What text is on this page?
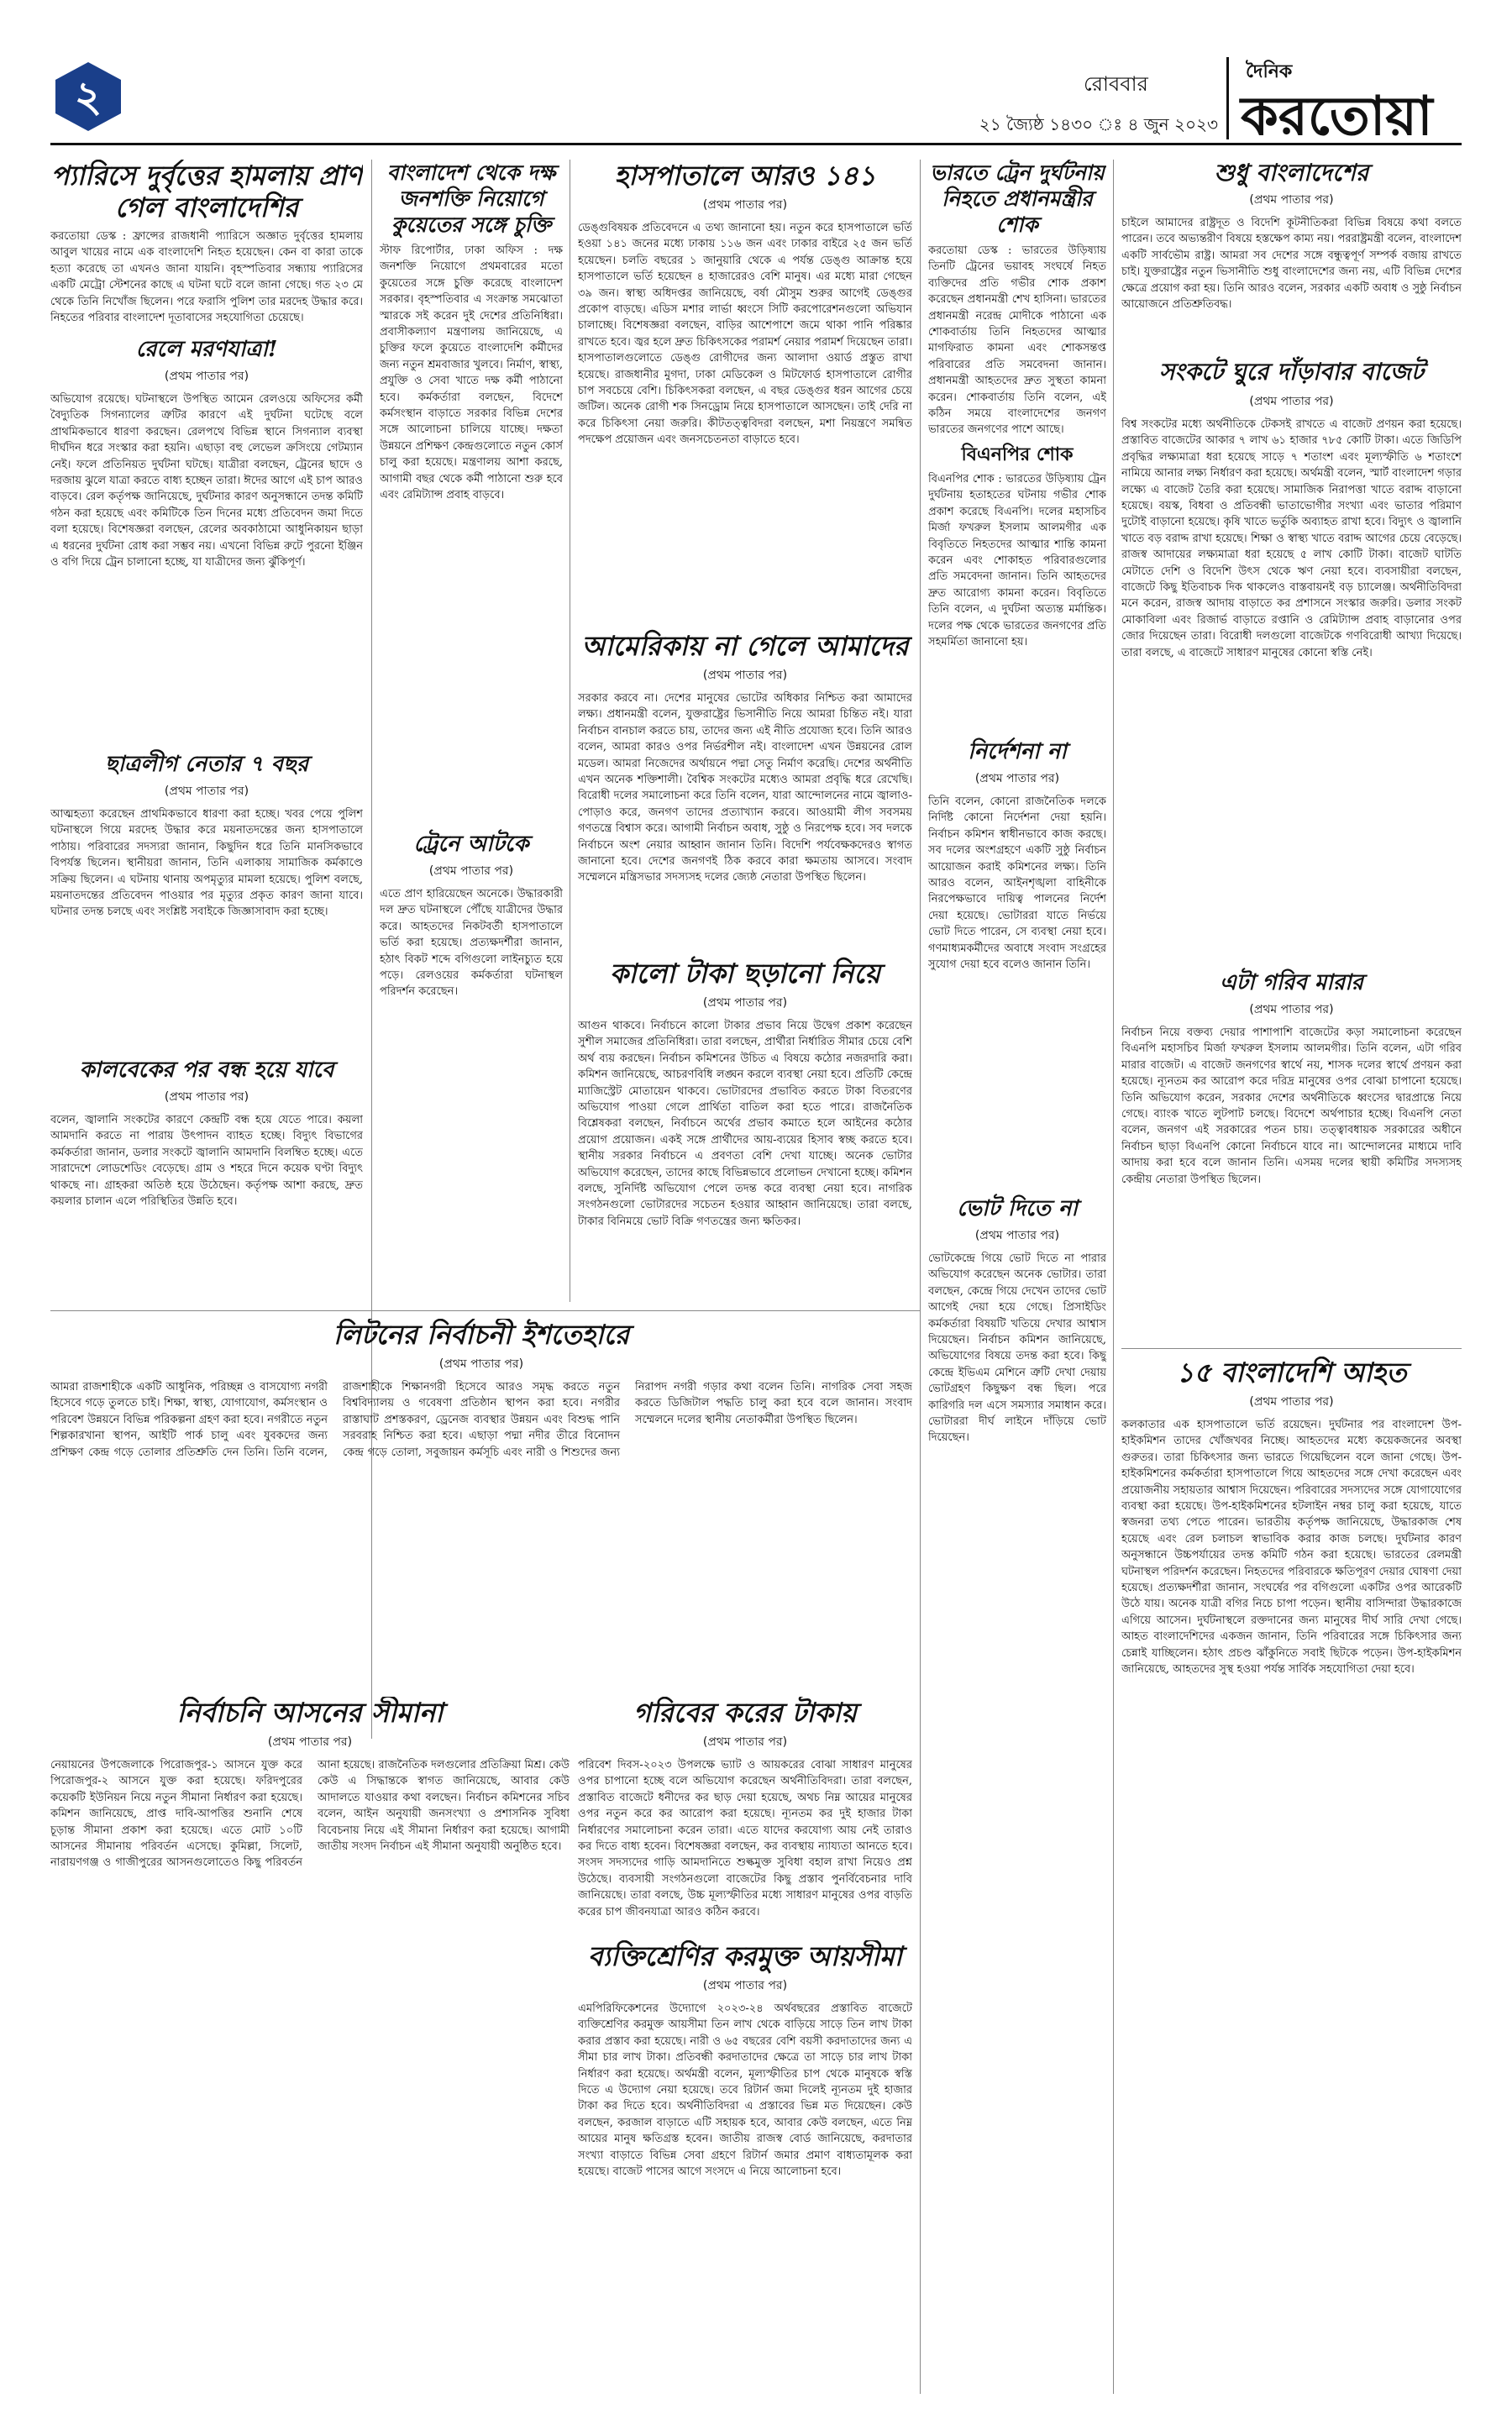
২	রোববার
২১ জ্যৈষ্ঠ ১৪৩০ ঃ ৪ জুন ২০২৩
দৈনিক
করতোয়া
প্যারিসে দুর্বৃত্তের হামলায় প্রাণ গেল বাংলাদেশির

করতোয়া ডেস্ক : ফ্রান্সের রাজধানী প্যারিসে অজ্ঞাত দুর্বৃত্তের হামলায় আবুল খায়ের নামে এক বাংলাদেশি নিহত হয়েছেন। কেন বা কারা তাকে হত্যা করেছে তা এখনও জানা যায়নি। বৃহস্পতিবার সন্ধ্যায় প্যারিসের একটি মেট্রো স্টেশনের কাছে এ ঘটনা ঘটে বলে জানা গেছে। গত ২৩ মে থেকে তিনি নিখোঁজ ছিলেন। পরে ফরাসি পুলিশ তার মরদেহ উদ্ধার করে। নিহতের পরিবার বাংলাদেশ দূতাবাসের সহযোগিতা চেয়েছে।

রেলে মরণযাত্রা!
(প্রথম পাতার পর)

অভিযোগ রয়েছে। ঘটনাস্থলে উপস্থিত আমেন রেলওয়ে অফিসের কর্মী বৈদ্যুতিক সিগন্যালের ত্রুটির কারণে এই দুর্ঘটনা ঘটেছে বলে প্রাথমিকভাবে ধারণা করছেন। রেলপথে বিভিন্ন স্থানে সিগন্যাল ব্যবস্থা দীর্ঘদিন ধরে সংস্কার করা হয়নি। এছাড়া বহু লেভেল ক্রসিংয়ে গেটম্যান নেই। ফলে প্রতিনিয়ত দুর্ঘটনা ঘটছে। যাত্রীরা বলছেন, ট্রেনের ছাদে ও দরজায় ঝুলে যাত্রা করতে বাধ্য হচ্ছেন তারা। ঈদের আগে এই চাপ আরও বাড়বে। রেল কর্তৃপক্ষ জানিয়েছে, দুর্ঘটনার কারণ অনুসন্ধানে তদন্ত কমিটি গঠন করা হয়েছে এবং কমিটিকে তিন দিনের মধ্যে প্রতিবেদন জমা দিতে বলা হয়েছে। বিশেষজ্ঞরা বলছেন, রেলের অবকাঠামো আধুনিকায়ন ছাড়া এ ধরনের দুর্ঘটনা রোধ করা সম্ভব নয়। এখনো বিভিন্ন রুটে পুরনো ইঞ্জিন ও বগি দিয়ে ট্রেন চালানো হচ্ছে, যা যাত্রীদের জন্য ঝুঁকিপূর্ণ।

ছাত্রলীগ নেতার ৭ বছর
(প্রথম পাতার পর)

আত্মহত্যা করেছেন প্রাথমিকভাবে ধারণা করা হচ্ছে। খবর পেয়ে পুলিশ ঘটনাস্থলে গিয়ে মরদেহ উদ্ধার করে ময়নাতদন্তের জন্য হাসপাতালে পাঠায়। পরিবারের সদস্যরা জানান, কিছুদিন ধরে তিনি মানসিকভাবে বিপর্যস্ত ছিলেন। স্থানীয়রা জানান, তিনি এলাকায় সামাজিক কর্মকাণ্ডে সক্রিয় ছিলেন। এ ঘটনায় থানায় অপমৃত্যুর মামলা হয়েছে। পুলিশ বলছে, ময়নাতদন্তের প্রতিবেদন পাওয়ার পর মৃত্যুর প্রকৃত কারণ জানা যাবে। ঘটনার তদন্ত চলছে এবং সংশ্লিষ্ট সবাইকে জিজ্ঞাসাবাদ করা হচ্ছে।

কালবেকের পর বন্ধ হয়ে যাবে
(প্রথম পাতার পর)

বলেন, জ্বালানি সংকটের কারণে কেন্দ্রটি বন্ধ হয়ে যেতে পারে। কয়লা আমদানি করতে না পারায় উৎপাদন ব্যাহত হচ্ছে। বিদ্যুৎ বিভাগের কর্মকর্তারা জানান, ডলার সংকটে জ্বালানি আমদানি বিলম্বিত হচ্ছে। এতে সারাদেশে লোডশেডিং বেড়েছে। গ্রাম ও শহরে দিনে কয়েক ঘণ্টা বিদ্যুৎ থাকছে না। গ্রাহকরা অতিষ্ঠ হয়ে উঠেছেন। কর্তৃপক্ষ আশা করছে, দ্রুত কয়লার চালান এলে পরিস্থিতির উন্নতি হবে।

বাংলাদেশ থেকে দক্ষ জনশক্তি নিয়োগে কুয়েতের সঙ্গে চুক্তি

স্টাফ রিপোর্টার, ঢাকা অফিস : দক্ষ জনশক্তি নিয়োগে প্রথমবারের মতো কুয়েতের সঙ্গে চুক্তি করেছে বাংলাদেশ সরকার। বৃহস্পতিবার এ সংক্রান্ত সমঝোতা স্মারকে সই করেন দুই দেশের প্রতিনিধিরা। প্রবাসীকল্যাণ মন্ত্রণালয় জানিয়েছে, এ চুক্তির ফলে কুয়েতে বাংলাদেশি কর্মীদের জন্য নতুন শ্রমবাজার খুলবে। নির্মাণ, স্বাস্থ্য, প্রযুক্তি ও সেবা খাতে দক্ষ কর্মী পাঠানো হবে। কর্মকর্তারা বলছেন, বিদেশে কর্মসংস্থান বাড়াতে সরকার বিভিন্ন দেশের সঙ্গে আলোচনা চালিয়ে যাচ্ছে। দক্ষতা উন্নয়নে প্রশিক্ষণ কেন্দ্রগুলোতে নতুন কোর্স চালু করা হয়েছে। মন্ত্রণালয় আশা করছে, আগামী বছর থেকে কর্মী পাঠানো শুরু হবে এবং রেমিট্যান্স প্রবাহ বাড়বে।

ট্রেনে আটকে
(প্রথম পাতার পর)

এতে প্রাণ হারিয়েছেন অনেকে। উদ্ধারকারী দল দ্রুত ঘটনাস্থলে পৌঁছে যাত্রীদের উদ্ধার করে। আহতদের নিকটবর্তী হাসপাতালে ভর্তি করা হয়েছে। প্রত্যক্ষদর্শীরা জানান, হঠাৎ বিকট শব্দে বগিগুলো লাইনচ্যুত হয়ে পড়ে। রেলওয়ের কর্মকর্তারা ঘটনাস্থল পরিদর্শন করেছেন।

হাসপাতালে আরও ১৪১
(প্রথম পাতার পর)

ডেঙ্গুবিষয়ক প্রতিবেদনে এ তথ্য জানানো হয়। নতুন করে হাসপাতালে ভর্তি হওয়া ১৪১ জনের মধ্যে ঢাকায় ১১৬ জন এবং ঢাকার বাইরে ২৫ জন ভর্তি হয়েছেন। চলতি বছরের ১ জানুয়ারি থেকে এ পর্যন্ত ডেঙ্গু আক্রান্ত হয়ে হাসপাতালে ভর্তি হয়েছেন ৪ হাজারেরও বেশি মানুষ। এর মধ্যে মারা গেছেন ৩৯ জন। স্বাস্থ্য অধিদপ্তর জানিয়েছে, বর্ষা মৌসুম শুরুর আগেই ডেঙ্গুর প্রকোপ বাড়ছে। এডিস মশার লার্ভা ধ্বংসে সিটি করপোরেশনগুলো অভিযান চালাচ্ছে। বিশেষজ্ঞরা বলছেন, বাড়ির আশেপাশে জমে থাকা পানি পরিষ্কার রাখতে হবে। জ্বর হলে দ্রুত চিকিৎসকের পরামর্শ নেয়ার পরামর্শ দিয়েছেন তারা। হাসপাতালগুলোতে ডেঙ্গু রোগীদের জন্য আলাদা ওয়ার্ড প্রস্তুত রাখা হয়েছে। রাজধানীর মুগদা, ঢাকা মেডিকেল ও মিটফোর্ড হাসপাতালে রোগীর চাপ সবচেয়ে বেশি। চিকিৎসকরা বলছেন, এ বছর ডেঙ্গুর ধরন আগের চেয়ে জটিল। অনেক রোগী শক সিনড্রোম নিয়ে হাসপাতালে আসছেন। তাই দেরি না করে চিকিৎসা নেয়া জরুরি। কীটতত্ত্ববিদরা বলছেন, মশা নিয়ন্ত্রণে সমন্বিত পদক্ষেপ প্রয়োজন এবং জনসচেতনতা বাড়াতে হবে।

আমেরিকায় না গেলে আমাদের
(প্রথম পাতার পর)

সরকার করবে না। দেশের মানুষের ভোটের অধিকার নিশ্চিত করা আমাদের লক্ষ্য। প্রধানমন্ত্রী বলেন, যুক্তরাষ্ট্রের ভিসানীতি নিয়ে আমরা চিন্তিত নই। যারা নির্বাচন বানচাল করতে চায়, তাদের জন্য এই নীতি প্রযোজ্য হবে। তিনি আরও বলেন, আমরা কারও ওপর নির্ভরশীল নই। বাংলাদেশ এখন উন্নয়নের রোল মডেল। আমরা নিজেদের অর্থায়নে পদ্মা সেতু নির্মাণ করেছি। দেশের অর্থনীতি এখন অনেক শক্তিশালী। বৈশ্বিক সংকটের মধ্যেও আমরা প্রবৃদ্ধি ধরে রেখেছি। বিরোধী দলের সমালোচনা করে তিনি বলেন, যারা আন্দোলনের নামে জ্বালাও-পোড়াও করে, জনগণ তাদের প্রত্যাখ্যান করবে। আওয়ামী লীগ সবসময় গণতন্ত্রে বিশ্বাস করে। আগামী নির্বাচন অবাধ, সুষ্ঠু ও নিরপেক্ষ হবে। সব দলকে নির্বাচনে অংশ নেয়ার আহ্বান জানান তিনি। বিদেশি পর্যবেক্ষকদেরও স্বাগত জানানো হবে। দেশের জনগণই ঠিক করবে কারা ক্ষমতায় আসবে। সংবাদ সম্মেলনে মন্ত্রিসভার সদস্যসহ দলের জ্যেষ্ঠ নেতারা উপস্থিত ছিলেন।

কালো টাকা ছড়ানো নিয়ে
(প্রথম পাতার পর)

আগুন থাকবে। নির্বাচনে কালো টাকার প্রভাব নিয়ে উদ্বেগ প্রকাশ করেছেন সুশীল সমাজের প্রতিনিধিরা। তারা বলছেন, প্রার্থীরা নির্ধারিত সীমার চেয়ে বেশি অর্থ ব্যয় করছেন। নির্বাচন কমিশনের উচিত এ বিষয়ে কঠোর নজরদারি করা। কমিশন জানিয়েছে, আচরণবিধি লঙ্ঘন করলে ব্যবস্থা নেয়া হবে। প্রতিটি কেন্দ্রে ম্যাজিস্ট্রেট মোতায়েন থাকবে। ভোটারদের প্রভাবিত করতে টাকা বিতরণের অভিযোগ পাওয়া গেলে প্রার্থিতা বাতিল করা হতে পারে। রাজনৈতিক বিশ্লেষকরা বলছেন, নির্বাচনে অর্থের প্রভাব কমাতে হলে আইনের কঠোর প্রয়োগ প্রয়োজন। একই সঙ্গে প্রার্থীদের আয়-ব্যয়ের হিসাব স্বচ্ছ করতে হবে। স্থানীয় সরকার নির্বাচনে এ প্রবণতা বেশি দেখা যাচ্ছে। অনেক ভোটার অভিযোগ করেছেন, তাদের কাছে বিভিন্নভাবে প্রলোভন দেখানো হচ্ছে। কমিশন বলছে, সুনির্দিষ্ট অভিযোগ পেলে তদন্ত করে ব্যবস্থা নেয়া হবে। নাগরিক সংগঠনগুলো ভোটারদের সচেতন হওয়ার আহ্বান জানিয়েছে। তারা বলছে, টাকার বিনিময়ে ভোট বিক্রি গণতন্ত্রের জন্য ক্ষতিকর।

ভারতে ট্রেন দুর্ঘটনায় নিহতে প্রধানমন্ত্রীর শোক

করতোয়া ডেস্ক : ভারতের উড়িষ্যায় তিনটি ট্রেনের ভয়াবহ সংঘর্ষে নিহত ব্যক্তিদের প্রতি গভীর শোক প্রকাশ করেছেন প্রধানমন্ত্রী শেখ হাসিনা। ভারতের প্রধানমন্ত্রী নরেন্দ্র মোদীকে পাঠানো এক শোকবার্তায় তিনি নিহতদের আত্মার মাগফিরাত কামনা এবং শোকসন্তপ্ত পরিবারের প্রতি সমবেদনা জানান। প্রধানমন্ত্রী আহতদের দ্রুত সুস্থতা কামনা করেন। শোকবার্তায় তিনি বলেন, এই কঠিন সময়ে বাংলাদেশের জনগণ ভারতের জনগণের পাশে আছে।

বিএনপির শোক

বিএনপির শোক : ভারতের উড়িষ্যায় ট্রেন দুর্ঘটনায় হতাহতের ঘটনায় গভীর শোক প্রকাশ করেছে বিএনপি। দলের মহাসচিব মির্জা ফখরুল ইসলাম আলমগীর এক বিবৃতিতে নিহতদের আত্মার শান্তি কামনা করেন এবং শোকাহত পরিবারগুলোর প্রতি সমবেদনা জানান। তিনি আহতদের দ্রুত আরোগ্য কামনা করেন। বিবৃতিতে তিনি বলেন, এ দুর্ঘটনা অত্যন্ত মর্মান্তিক। দলের পক্ষ থেকে ভারতের জনগণের প্রতি সহমর্মিতা জানানো হয়।

নির্দেশনা না
(প্রথম পাতার পর)

তিনি বলেন, কোনো রাজনৈতিক দলকে নির্দিষ্ট কোনো নির্দেশনা দেয়া হয়নি। নির্বাচন কমিশন স্বাধীনভাবে কাজ করছে। সব দলের অংশগ্রহণে একটি সুষ্ঠু নির্বাচন আয়োজন করাই কমিশনের লক্ষ্য। তিনি আরও বলেন, আইনশৃঙ্খলা বাহিনীকে নিরপেক্ষভাবে দায়িত্ব পালনের নির্দেশ দেয়া হয়েছে। ভোটাররা যাতে নির্ভয়ে ভোট দিতে পারেন, সে ব্যবস্থা নেয়া হবে। গণমাধ্যমকর্মীদের অবাধে সংবাদ সংগ্রহের সুযোগ দেয়া হবে বলেও জানান তিনি।

ভোট দিতে না
(প্রথম পাতার পর)

ভোটকেন্দ্রে গিয়ে ভোট দিতে না পারার অভিযোগ করেছেন অনেক ভোটার। তারা বলছেন, কেন্দ্রে গিয়ে দেখেন তাদের ভোট আগেই দেয়া হয়ে গেছে। প্রিসাইডিং কর্মকর্তারা বিষয়টি খতিয়ে দেখার আশ্বাস দিয়েছেন। নির্বাচন কমিশন জানিয়েছে, অভিযোগের বিষয়ে তদন্ত করা হবে। কিছু কেন্দ্রে ইভিএম মেশিনে ত্রুটি দেখা দেয়ায় ভোটগ্রহণ কিছুক্ষণ বন্ধ ছিল। পরে কারিগরি দল এসে সমস্যার সমাধান করে। ভোটাররা দীর্ঘ লাইনে দাঁড়িয়ে ভোট দিয়েছেন।

শুধু বাংলাদেশের
(প্রথম পাতার পর)

চাইলে আমাদের রাষ্ট্রদূত ও বিদেশি কূটনীতিকরা বিভিন্ন বিষয়ে কথা বলতে পারেন। তবে অভ্যন্তরীণ বিষয়ে হস্তক্ষেপ কাম্য নয়। পররাষ্ট্রমন্ত্রী বলেন, বাংলাদেশ একটি সার্বভৌম রাষ্ট্র। আমরা সব দেশের সঙ্গে বন্ধুত্বপূর্ণ সম্পর্ক বজায় রাখতে চাই। যুক্তরাষ্ট্রের নতুন ভিসানীতি শুধু বাংলাদেশের জন্য নয়, এটি বিভিন্ন দেশের ক্ষেত্রে প্রয়োগ করা হয়। তিনি আরও বলেন, সরকার একটি অবাধ ও সুষ্ঠু নির্বাচন আয়োজনে প্রতিশ্রুতিবদ্ধ।

সংকটে ঘুরে দাঁড়াবার বাজেট
(প্রথম পাতার পর)

বিশ্ব সংকটের মধ্যে অর্থনীতিকে টেকসই রাখতে এ বাজেট প্রণয়ন করা হয়েছে। প্রস্তাবিত বাজেটের আকার ৭ লাখ ৬১ হাজার ৭৮৫ কোটি টাকা। এতে জিডিপি প্রবৃদ্ধির লক্ষ্যমাত্রা ধরা হয়েছে সাড়ে ৭ শতাংশ এবং মূল্যস্ফীতি ৬ শতাংশে নামিয়ে আনার লক্ষ্য নির্ধারণ করা হয়েছে। অর্থমন্ত্রী বলেন, স্মার্ট বাংলাদেশ গড়ার লক্ষ্যে এ বাজেট তৈরি করা হয়েছে। সামাজিক নিরাপত্তা খাতে বরাদ্দ বাড়ানো হয়েছে। বয়স্ক, বিধবা ও প্রতিবন্ধী ভাতাভোগীর সংখ্যা এবং ভাতার পরিমাণ দুটোই বাড়ানো হয়েছে। কৃষি খাতে ভর্তুকি অব্যাহত রাখা হবে। বিদ্যুৎ ও জ্বালানি খাতে বড় বরাদ্দ রাখা হয়েছে। শিক্ষা ও স্বাস্থ্য খাতে বরাদ্দ আগের চেয়ে বেড়েছে। রাজস্ব আদায়ের লক্ষ্যমাত্রা ধরা হয়েছে ৫ লাখ কোটি টাকা। বাজেট ঘাটতি মেটাতে দেশি ও বিদেশি উৎস থেকে ঋণ নেয়া হবে। ব্যবসায়ীরা বলছেন, বাজেটে কিছু ইতিবাচক দিক থাকলেও বাস্তবায়নই বড় চ্যালেঞ্জ। অর্থনীতিবিদরা মনে করেন, রাজস্ব আদায় বাড়াতে কর প্রশাসনে সংস্কার জরুরি। ডলার সংকট মোকাবিলা এবং রিজার্ভ বাড়াতে রপ্তানি ও রেমিট্যান্স প্রবাহ বাড়ানোর ওপর জোর দিয়েছেন তারা। বিরোধী দলগুলো বাজেটকে গণবিরোধী আখ্যা দিয়েছে। তারা বলছে, এ বাজেটে সাধারণ মানুষের কোনো স্বস্তি নেই।

এটা গরিব মারার
(প্রথম পাতার পর)

নির্বাচন নিয়ে বক্তব্য দেয়ার পাশাপাশি বাজেটের কড়া সমালোচনা করেছেন বিএনপি মহাসচিব মির্জা ফখরুল ইসলাম আলমগীর। তিনি বলেন, এটা গরিব মারার বাজেট। এ বাজেট জনগণের স্বার্থে নয়, শাসক দলের স্বার্থে প্রণয়ন করা হয়েছে। ন্যূনতম কর আরোপ করে দরিদ্র মানুষের ওপর বোঝা চাপানো হয়েছে। তিনি অভিযোগ করেন, সরকার দেশের অর্থনীতিকে ধ্বংসের দ্বারপ্রান্তে নিয়ে গেছে। ব্যাংক খাতে লুটপাট চলছে। বিদেশে অর্থপাচার হচ্ছে। বিএনপি নেতা বলেন, জনগণ এই সরকারের পতন চায়। তত্ত্বাবধায়ক সরকারের অধীনে নির্বাচন ছাড়া বিএনপি কোনো নির্বাচনে যাবে না। আন্দোলনের মাধ্যমে দাবি আদায় করা হবে বলে জানান তিনি। এসময় দলের স্থায়ী কমিটির সদস্যসহ কেন্দ্রীয় নেতারা উপস্থিত ছিলেন।

লিটনের নির্বাচনী ইশতেহারে
(প্রথম পাতার পর)

আমরা রাজশাহীকে একটি আধুনিক, পরিচ্ছন্ন ও বাসযোগ্য নগরী হিসেবে গড়ে তুলতে চাই। শিক্ষা, স্বাস্থ্য, যোগাযোগ, কর্মসংস্থান ও পরিবেশ উন্নয়নে বিভিন্ন পরিকল্পনা গ্রহণ করা হবে। নগরীতে নতুন শিল্পকারখানা স্থাপন, আইটি পার্ক চালু এবং যুবকদের জন্য প্রশিক্ষণ কেন্দ্র গড়ে তোলার প্রতিশ্রুতি দেন তিনি। তিনি বলেন, রাজশাহীকে শিক্ষানগরী হিসেবে আরও সমৃদ্ধ করতে নতুন বিশ্ববিদ্যালয় ও গবেষণা প্রতিষ্ঠান স্থাপন করা হবে। নগরীর রাস্তাঘাট প্রশস্তকরণ, ড্রেনেজ ব্যবস্থার উন্নয়ন এবং বিশুদ্ধ পানি সরবরাহ নিশ্চিত করা হবে। এছাড়া পদ্মা নদীর তীরে বিনোদন কেন্দ্র গড়ে তোলা, সবুজায়ন কর্মসূচি এবং নারী ও শিশুদের জন্য নিরাপদ নগরী গড়ার কথা বলেন তিনি। নাগরিক সেবা সহজ করতে ডিজিটাল পদ্ধতি চালু করা হবে বলে জানান। সংবাদ সম্মেলনে দলের স্থানীয় নেতাকর্মীরা উপস্থিত ছিলেন।

গরিবের করের টাকায়
(প্রথম পাতার পর)

পরিবেশ দিবস-২০২৩ উপলক্ষে ভ্যাট ও আয়করের বোঝা সাধারণ মানুষের ওপর চাপানো হচ্ছে বলে অভিযোগ করেছেন অর্থনীতিবিদরা। তারা বলছেন, প্রস্তাবিত বাজেটে ধনীদের কর ছাড় দেয়া হয়েছে, অথচ নিম্ন আয়ের মানুষের ওপর নতুন করে কর আরোপ করা হয়েছে। ন্যূনতম কর দুই হাজার টাকা নির্ধারণের সমালোচনা করেন তারা। এতে যাদের করযোগ্য আয় নেই তারাও কর দিতে বাধ্য হবেন। বিশেষজ্ঞরা বলছেন, কর ব্যবস্থায় ন্যায্যতা আনতে হবে। সংসদ সদস্যদের গাড়ি আমদানিতে শুল্কমুক্ত সুবিধা বহাল রাখা নিয়েও প্রশ্ন উঠেছে। ব্যবসায়ী সংগঠনগুলো বাজেটের কিছু প্রস্তাব পুনর্বিবেচনার দাবি জানিয়েছে। তারা বলছে, উচ্চ মূল্যস্ফীতির মধ্যে সাধারণ মানুষের ওপর বাড়তি করের চাপ জীবনযাত্রা আরও কঠিন করবে।

নির্বাচনি আসনের সীমানা
(প্রথম পাতার পর)

নেয়ায়নের উপজেলাকে পিরোজপুর-১ আসনে যুক্ত করে পিরোজপুর-২ আসনে যুক্ত করা হয়েছে। ফরিদপুরের কয়েকটি ইউনিয়ন নিয়ে নতুন সীমানা নির্ধারণ করা হয়েছে। কমিশন জানিয়েছে, প্রাপ্ত দাবি-আপত্তির শুনানি শেষে চূড়ান্ত সীমানা প্রকাশ করা হয়েছে। এতে মোট ১০টি আসনের সীমানায় পরিবর্তন এসেছে। কুমিল্লা, সিলেট, নারায়ণগঞ্জ ও গাজীপুরের আসনগুলোতেও কিছু পরিবর্তন আনা হয়েছে। রাজনৈতিক দলগুলোর প্রতিক্রিয়া মিশ্র। কেউ কেউ এ সিদ্ধান্তকে স্বাগত জানিয়েছে, আবার কেউ আদালতে যাওয়ার কথা বলছেন। নির্বাচন কমিশনের সচিব বলেন, আইন অনুযায়ী জনসংখ্যা ও প্রশাসনিক সুবিধা বিবেচনায় নিয়ে এই সীমানা নির্ধারণ করা হয়েছে। আগামী জাতীয় সংসদ নির্বাচন এই সীমানা অনুযায়ী অনুষ্ঠিত হবে।

ব্যক্তিশ্রেণির করমুক্ত আয়সীমা
(প্রথম পাতার পর)

এমপিরিফিকেশনের উদ্যোগে ২০২৩-২৪ অর্থবছরের প্রস্তাবিত বাজেটে ব্যক্তিশ্রেণির করমুক্ত আয়সীমা তিন লাখ থেকে বাড়িয়ে সাড়ে তিন লাখ টাকা করার প্রস্তাব করা হয়েছে। নারী ও ৬৫ বছরের বেশি বয়সী করদাতাদের জন্য এ সীমা চার লাখ টাকা। প্রতিবন্ধী করদাতাদের ক্ষেত্রে তা সাড়ে চার লাখ টাকা নির্ধারণ করা হয়েছে। অর্থমন্ত্রী বলেন, মূল্যস্ফীতির চাপ থেকে মানুষকে স্বস্তি দিতে এ উদ্যোগ নেয়া হয়েছে। তবে রিটার্ন জমা দিলেই ন্যূনতম দুই হাজার টাকা কর দিতে হবে। অর্থনীতিবিদরা এ প্রস্তাবের ভিন্ন মত দিয়েছেন। কেউ বলছেন, করজাল বাড়াতে এটি সহায়ক হবে, আবার কেউ বলছেন, এতে নিম্ন আয়ের মানুষ ক্ষতিগ্রস্ত হবেন। জাতীয় রাজস্ব বোর্ড জানিয়েছে, করদাতার সংখ্যা বাড়াতে বিভিন্ন সেবা গ্রহণে রিটার্ন জমার প্রমাণ বাধ্যতামূলক করা হয়েছে। বাজেট পাসের আগে সংসদে এ নিয়ে আলোচনা হবে।

১৫ বাংলাদেশি আহত
(প্রথম পাতার পর)

কলকাতার এক হাসপাতালে ভর্তি রয়েছেন। দুর্ঘটনার পর বাংলাদেশ উপ-হাইকমিশন তাদের খোঁজখবর নিচ্ছে। আহতদের মধ্যে কয়েকজনের অবস্থা গুরুতর। তারা চিকিৎসার জন্য ভারতে গিয়েছিলেন বলে জানা গেছে। উপ-হাইকমিশনের কর্মকর্তারা হাসপাতালে গিয়ে আহতদের সঙ্গে দেখা করেছেন এবং প্রয়োজনীয় সহায়তার আশ্বাস দিয়েছেন। পরিবারের সদস্যদের সঙ্গে যোগাযোগের ব্যবস্থা করা হয়েছে। উপ-হাইকমিশনের হটলাইন নম্বর চালু করা হয়েছে, যাতে স্বজনরা তথ্য পেতে পারেন। ভারতীয় কর্তৃপক্ষ জানিয়েছে, উদ্ধারকাজ শেষ হয়েছে এবং রেল চলাচল স্বাভাবিক করার কাজ চলছে। দুর্ঘটনার কারণ অনুসন্ধানে উচ্চপর্যায়ের তদন্ত কমিটি গঠন করা হয়েছে। ভারতের রেলমন্ত্রী ঘটনাস্থল পরিদর্শন করেছেন। নিহতদের পরিবারকে ক্ষতিপূরণ দেয়ার ঘোষণা দেয়া হয়েছে। প্রত্যক্ষদর্শীরা জানান, সংঘর্ষের পর বগিগুলো একটির ওপর আরেকটি উঠে যায়। অনেক যাত্রী বগির নিচে চাপা পড়েন। স্থানীয় বাসিন্দারা উদ্ধারকাজে এগিয়ে আসেন। দুর্ঘটনাস্থলে রক্তদানের জন্য মানুষের দীর্ঘ সারি দেখা গেছে। আহত বাংলাদেশিদের একজন জানান, তিনি পরিবারের সঙ্গে চিকিৎসার জন্য চেন্নাই যাচ্ছিলেন। হঠাৎ প্রচণ্ড ঝাঁকুনিতে সবাই ছিটকে পড়েন। উপ-হাইকমিশন জানিয়েছে, আহতদের সুস্থ হওয়া পর্যন্ত সার্বিক সহযোগিতা দেয়া হবে।
